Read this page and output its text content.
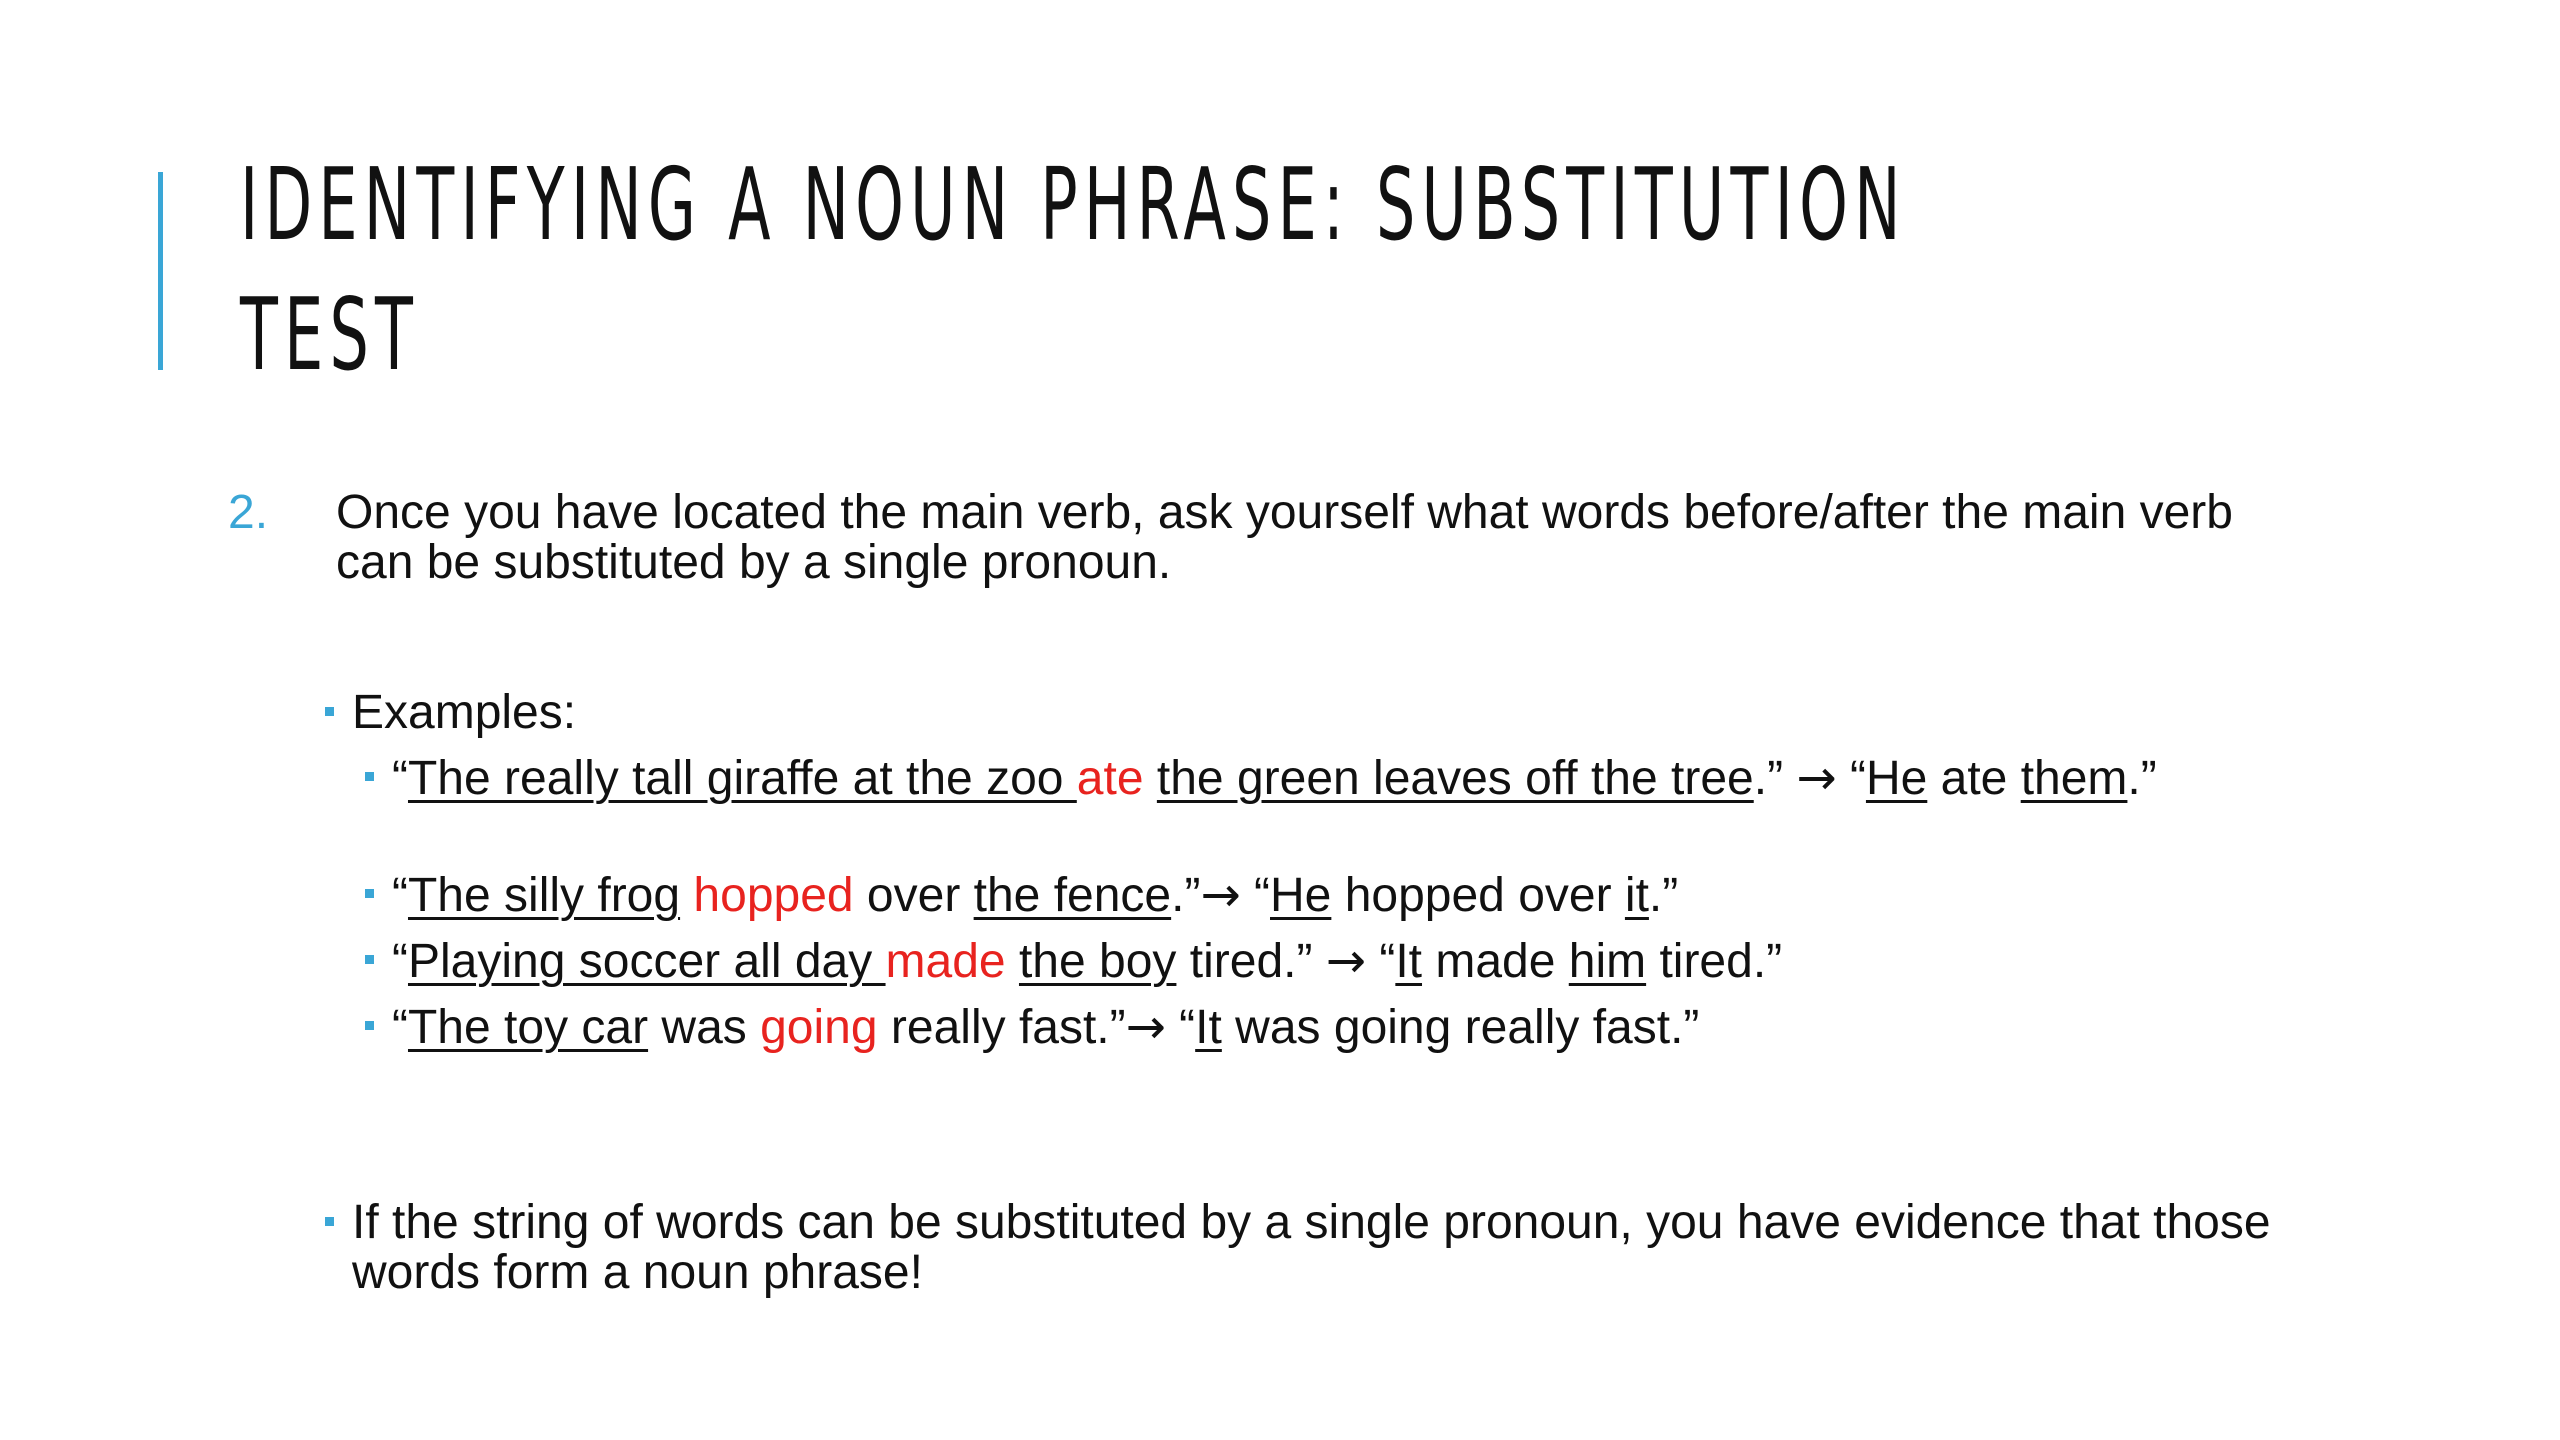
IDENTIFYING A NOUN PHRASE: SUBSTITUTION
TEST
2. Once you have located the main verb, ask yourself what words before/after the main verb can be substituted by a single pronoun.
Examples:
“The really tall giraffe at the zoo ate the green leaves off the tree.” → “He ate them.”
“The silly frog hopped over the fence.”→ “He hopped over it.”
“Playing soccer all day made the boy tired.” → “It made him tired.”
“The toy car was going really fast.”→ “It was going really fast.”
If the string of words can be substituted by a single pronoun, you have evidence that those words form a noun phrase!
